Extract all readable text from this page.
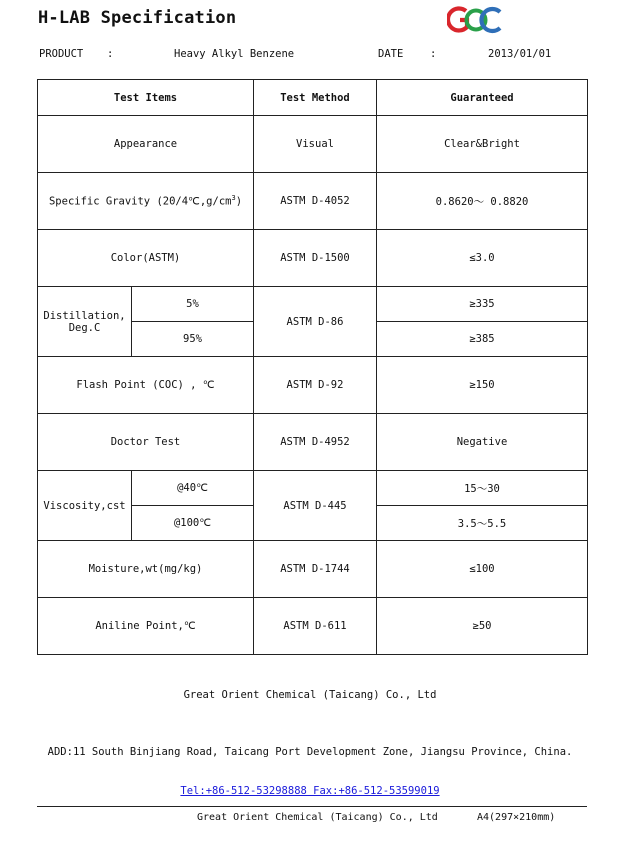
H-LAB Specification
PRODUCT :	Heavy Alkyl Benzene	DATE	:	2013/01/01
Test Items		Test Method	Guaranteed
Appearance		Visual	Clear&Bright
Specific Gravity $(20/4℃,g/cm^3)$		ASTM D-4052	0.8620～ 0.8820
Color(ASTM)		ASTM D-1500	≤3.0

Distillation,
Deg.C	5%	ASTM D-86	≥335
	95%		≥385
Flash Point (COC) , ℃		ASTM D-92	≥150
Doctor Test		ASTM D-4952	Negative
Viscosity,cst	@40℃	ASTM D-445	15～30
	@100℃		3.5～5.5
Moisture,wt(mg/kg)		ASTM D-1744	≤100
Aniline Point,℃		ASTM D-611	≥50
Great Orient Chemical (Taicang) Co., Ltd
ADD:11 South Binjiang Road, Taicang Port Development Zone, Jiangsu Province, China.
Tel:+86-512-53298888 Fax:+86-512-53599019
Great Orient Chemical (Taicang) Co., Ltd	A4(297×210mm)
